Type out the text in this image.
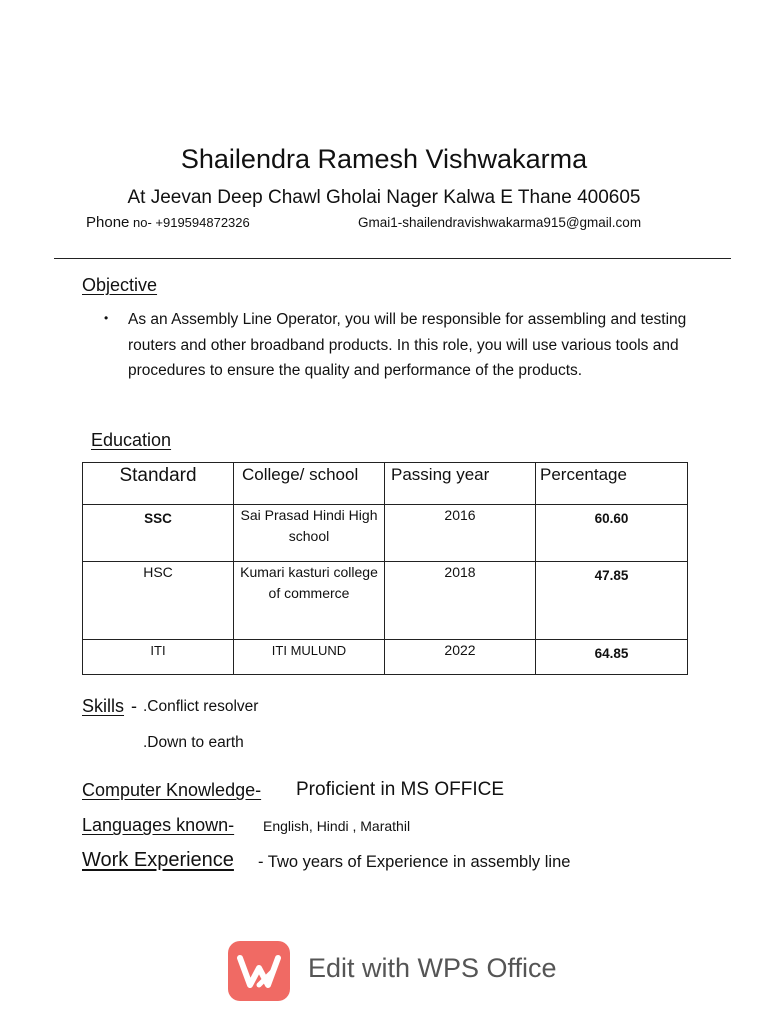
Shailendra Ramesh Vishwakarma
At Jeevan Deep Chawl Gholai Nager Kalwa E Thane 400605
Phone no- +919594872326	Gmai1-shailendravishwakarma915@gmail.com
Objective
• As an Assembly Line Operator, you will be responsible for assembling and testing routers and other broadband products. In this role, you will use various tools and procedures to ensure the quality and performance of the products.
Education
Standard	College/ school	Passing year	Percentage
SSC	Sai Prasad Hindi High school	2016	60.60
HSC	Kumari kasturi college of commerce	2018	47.85
ITI	ITI MULUND	2022	64.85
Skills - .Conflict resolver
.Down to earth
Computer Knowledge- Proficient in MS OFFICE
Languages known- English, Hindi , Marathil
Work Experience - Two years of Experience in assembly line
Edit with WPS Office
